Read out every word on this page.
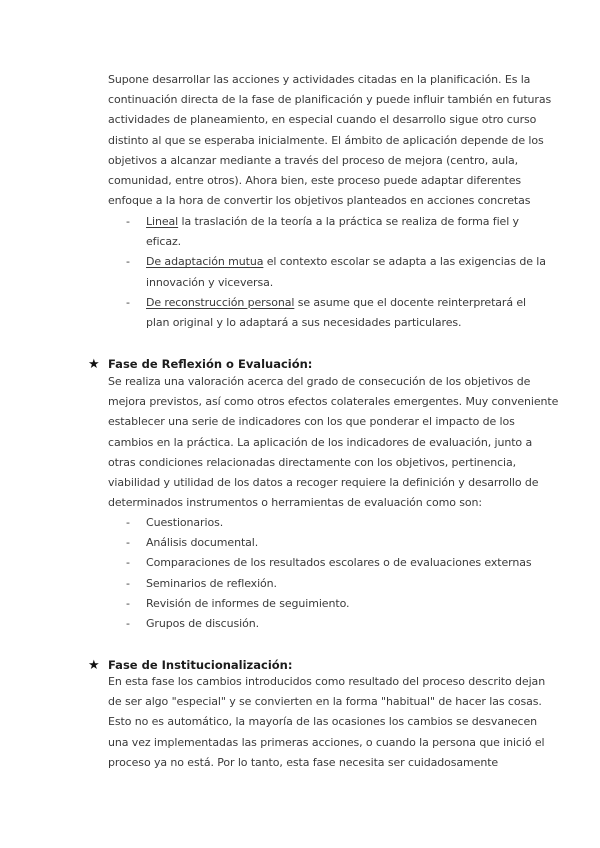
Supone desarrollar las acciones y actividades citadas en la planificación. Es la
continuación directa de la fase de planificación y puede influir también en futuras
actividades de planeamiento, en especial cuando el desarrollo sigue otro curso
distinto al que se esperaba inicialmente. El ámbito de aplicación depende de los
objetivos a alcanzar mediante a través del proceso de mejora (centro, aula,
comunidad, entre otros). Ahora bien, este proceso puede adaptar diferentes
enfoque a la hora de convertir los objetivos planteados en acciones concretas
- Lineal la traslación de la teoría a la práctica se realiza de forma fiel y
eficaz.
- De adaptación mutua el contexto escolar se adapta a las exigencias de la
innovación y viceversa.
- De reconstrucción personal se asume que el docente reinterpretará el
plan original y lo adaptará a sus necesidades particulares.
★ Fase de Reflexión o Evaluación:
Se realiza una valoración acerca del grado de consecución de los objetivos de
mejora previstos, así como otros efectos colaterales emergentes. Muy conveniente
establecer una serie de indicadores con los que ponderar el impacto de los
cambios en la práctica. La aplicación de los indicadores de evaluación, junto a
otras condiciones relacionadas directamente con los objetivos, pertinencia,
viabilidad y utilidad de los datos a recoger requiere la definición y desarrollo de
determinados instrumentos o herramientas de evaluación como son:
- Cuestionarios.
- Análisis documental.
- Comparaciones de los resultados escolares o de evaluaciones externas
- Seminarios de reflexión.
- Revisión de informes de seguimiento.
- Grupos de discusión.
★ Fase de Institucionalización:
En esta fase los cambios introducidos como resultado del proceso descrito dejan
de ser algo "especial" y se convierten en la forma "habitual" de hacer las cosas.
Esto no es automático, la mayoría de las ocasiones los cambios se desvanecen
una vez implementadas las primeras acciones, o cuando la persona que inició el
proceso ya no está. Por lo tanto, esta fase necesita ser cuidadosamente
